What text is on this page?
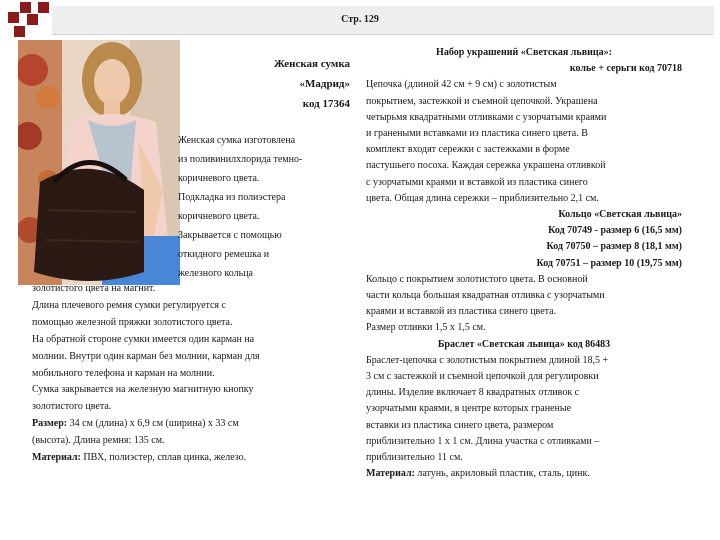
Стр. 129
Женская сумка
«Мадрид»
код 17364
Женская сумка изготовлена
из поливинилхлорида темно-
коричневого цвета.
Подкладка из полиэстера
коричневого цвета.
Закрывается с помощью
откидного ремешка и
железного кольца
золотистого цвета на магнит.
Длина плечевого ремня сумки регулируется с
помощью железной пряжки золотистого цвета.
На обратной стороне сумки имеется один карман на
молнии. Внутри один карман без молнии, карман для
мобильного телефона и карман на молнии.
Сумка закрывается на железную магнитную кнопку
золотистого цвета.
Размер: 34 см (длина) х 6,9 см (ширина) х 33 см
(высота). Длина ремня: 135 см.
Материал: ПВХ, полиэстер, сплав цинка, железо.
Набор украшений «Светская львица»:
колье + серьги код 70718
Цепочка (длиной 42 см + 9 см) с золотистым
покрытием, застежкой и съемной цепочкой. Украшена
четырьмя квадратными отливками с узорчатыми краями
и гранеными вставками из пластика синего цвета. В
комплект входят сережки с застежками в форме
пастушьего посоха. Каждая сережка украшена отливкой
с узорчатыми краями и вставкой из пластика синего
цвета. Общая длина сережки – приблизительно 2,1 см.
Кольцо «Светская львица»
Код 70749 - размер 6 (16,5 мм)
Код 70750 – размер 8 (18,1 мм)
Код 70751 – размер 10 (19,75 мм)
Кольцо с покрытием золотистого цвета. В основной
части кольца большая квадратная отливка с узорчатыми
краями и вставкой из пластика синего цвета.
Размер отливки 1,5 х 1,5 см.
Браслет «Светская львица» код 86483
Браслет-цепочка с золотистым покрытием длиной 18,5 +
3 см с застежкой и съемной цепочкой для регулировки
длины. Изделие включает 8 квадратных отливок с
узорчатыми краями, в центре которых граненые
вставки из пластика синего цвета, размером
приблизительно 1 х 1 см. Длина участка с отливками –
приблизительно 11 см.
Материал: латунь, акриловый пластик, сталь, цинк.
